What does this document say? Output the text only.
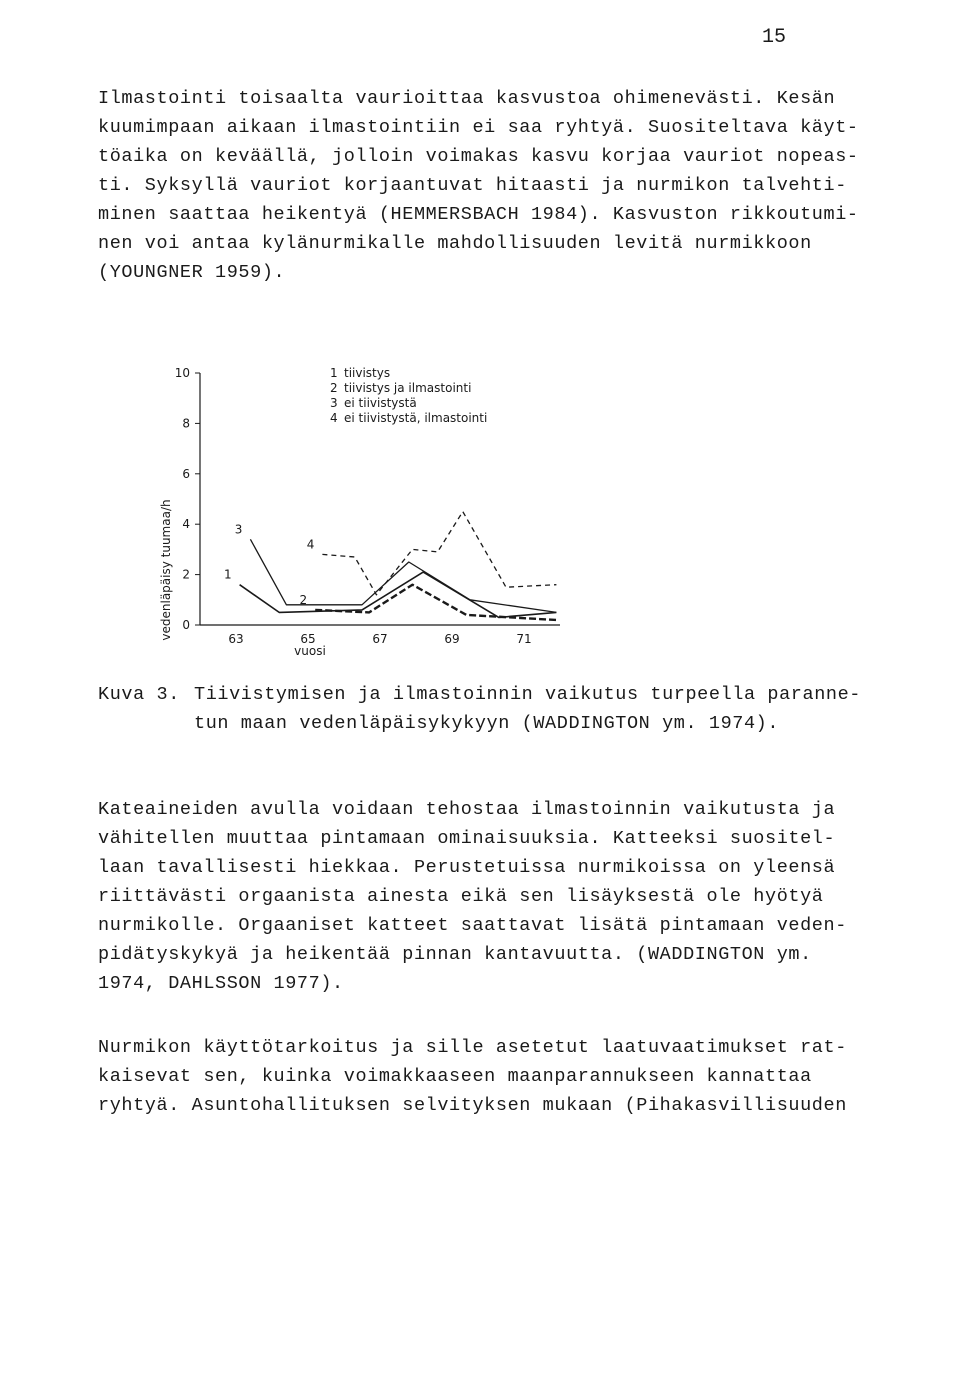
15
Ilmastointi toisaalta vaurioittaa kasvustoa ohimenevästi. Kesän
kuumimpaan aikaan ilmastointiin ei saa ryhtyä. Suositeltava käyt-
töaika on keväällä, jolloin voimakas kasvu korjaa vauriot nopeas-
ti. Syksyllä vauriot korjaantuvat hitaasti ja nurmikon talvehti-
minen saattaa heikentyä (HEMMERSBACH 1984). Kasvuston rikkoutumi-
nen voi antaa kylänurmikalle mahdollisuuden levitä nurmikkoon
(YOUNGNER 1959).
0
2
4
6
8
10
63	65	67	69	71
1
2
3
4
1 tiivistys
2 tiivistys ja ilmastointi
3 ei tiivistystä
4 ei tiivistystä, ilmastointi
vedenläpäisy tuumaa/h
vuosi
Kuva 3. Tiivistymisen ja ilmastoinnin vaikutus turpeella paranne-
tun maan vedenläpäisykykyyn (WADDINGTON ym. 1974).
Kateaineiden avulla voidaan tehostaa ilmastoinnin vaikutusta ja
vähitellen muuttaa pintamaan ominaisuuksia. Katteeksi suositel-
laan tavallisesti hiekkaa. Perustetuissa nurmikoissa on yleensä
riittävästi orgaanista ainesta eikä sen lisäyksestä ole hyötyä
nurmikolle. Orgaaniset katteet saattavat lisätä pintamaan veden-
pidätyskykyä ja heikentää pinnan kantavuutta. (WADDINGTON ym.
1974, DAHLSSON 1977).
Nurmikon käyttötarkoitus ja sille asetetut laatuvaatimukset rat-
kaisevat sen, kuinka voimakkaaseen maanparannukseen kannattaa
ryhtyä. Asuntohallituksen selvityksen mukaan (Pihakasvillisuuden
